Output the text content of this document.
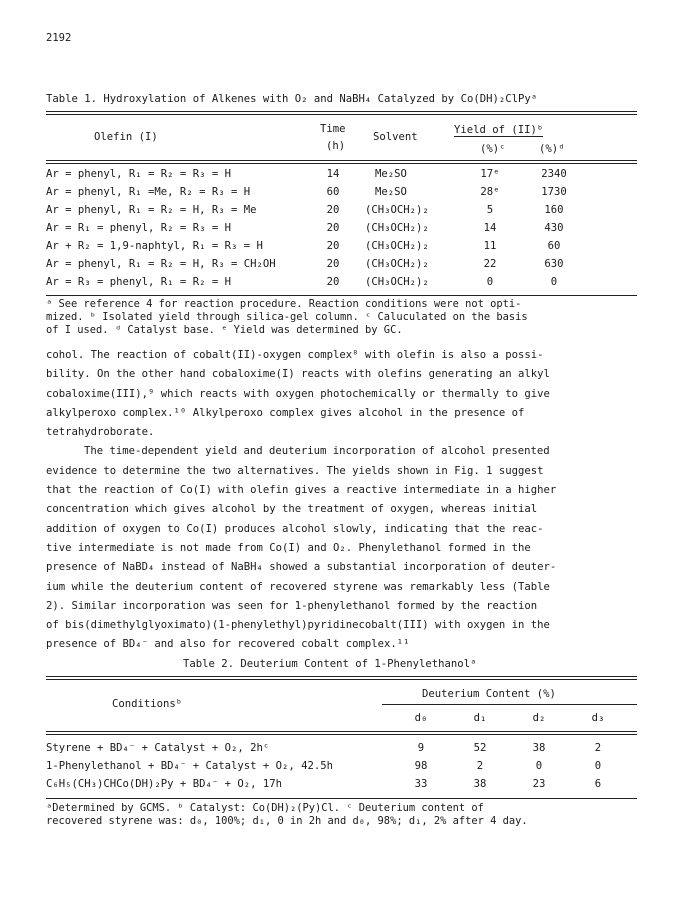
2192
Table 1. Hydroxylation of Alkenes with O₂ and NaBH₄ Catalyzed by Co(DH)₂ClPyᵃ
Olefin (I)
Time
(h)
Solvent
Yield of (II)ᵇ
(%)ᶜ	(%)ᵈ
Ar = phenyl, R₁ = R₂ = R₃ = H	14	Me₂SO	17ᵉ	2340
Ar = phenyl, R₁ =Me, R₂ = R₃ = H	60	Me₂SO	28ᵉ	1730
Ar = phenyl, R₁ = R₂ = H, R₃ = Me	20	(CH₃OCH₂)₂	5	160
Ar = R₁ = phenyl, R₂ = R₃ = H	20	(CH₃OCH₂)₂	14	430
Ar + R₂ = 1,9-naphtyl, R₁ = R₃ = H	20	(CH₃OCH₂)₂	11	60
Ar = phenyl, R₁ = R₂ = H, R₃ = CH₂OH	20	(CH₃OCH₂)₂	22	630
Ar = R₃ = phenyl, R₁ = R₂ = H	20	(CH₃OCH₂)₂	0	0
ᵃ See reference 4 for reaction procedure. Reaction conditions were not opti-
mized. ᵇ Isolated yield through silica-gel column. ᶜ Caluculated on the basis
of I used. ᵈ Catalyst base. ᵉ Yield was determined by GC.
cohol. The reaction of cobalt(II)-oxygen complex⁸ with olefin is also a possi-
bility. On the other hand cobaloxime(I) reacts with olefins generating an alkyl
cobaloxime(III),⁹ which reacts with oxygen photochemically or thermally to give
alkylperoxo complex.¹⁰ Alkylperoxo complex gives alcohol in the presence of
tetrahydroborate.
The time-dependent yield and deuterium incorporation of alcohol presented
evidence to determine the two alternatives. The yields shown in Fig. 1 suggest
that the reaction of Co(I) with olefin gives a reactive intermediate in a higher
concentration which gives alcohol by the treatment of oxygen, whereas initial
addition of oxygen to Co(I) produces alcohol slowly, indicating that the reac-
tive intermediate is not made from Co(I) and O₂. Phenylethanol formed in the
presence of NaBD₄ instead of NaBH₄ showed a substantial incorporation of deuter-
ium while the deuterium content of recovered styrene was remarkably less (Table
2). Similar incorporation was seen for 1-phenylethanol formed by the reaction
of bis(dimethylglyoximato)(1-phenylethyl)pyridinecobalt(III) with oxygen in the
presence of BD₄⁻ and also for recovered cobalt complex.¹¹
Table 2. Deuterium Content of 1-Phenylethanolᵃ
Conditionsᵇ
Deuterium Content (%)
d₀	d₁	d₂	d₃
Styrene + BD₄⁻ + Catalyst + O₂, 2hᶜ	9	52	38	2
1-Phenylethanol + BD₄⁻ + Catalyst + O₂, 42.5h	98	2	0	0
C₆H₅(CH₃)CHCo(DH)₂Py + BD₄⁻ + O₂, 17h	33	38	23	6
ᵃDetermined by GCMS. ᵇ Catalyst: Co(DH)₂(Py)Cl. ᶜ Deuterium content of
recovered styrene was: d₀, 100%; d₁, 0 in 2h and d₀, 98%; d₁, 2% after 4 day.
